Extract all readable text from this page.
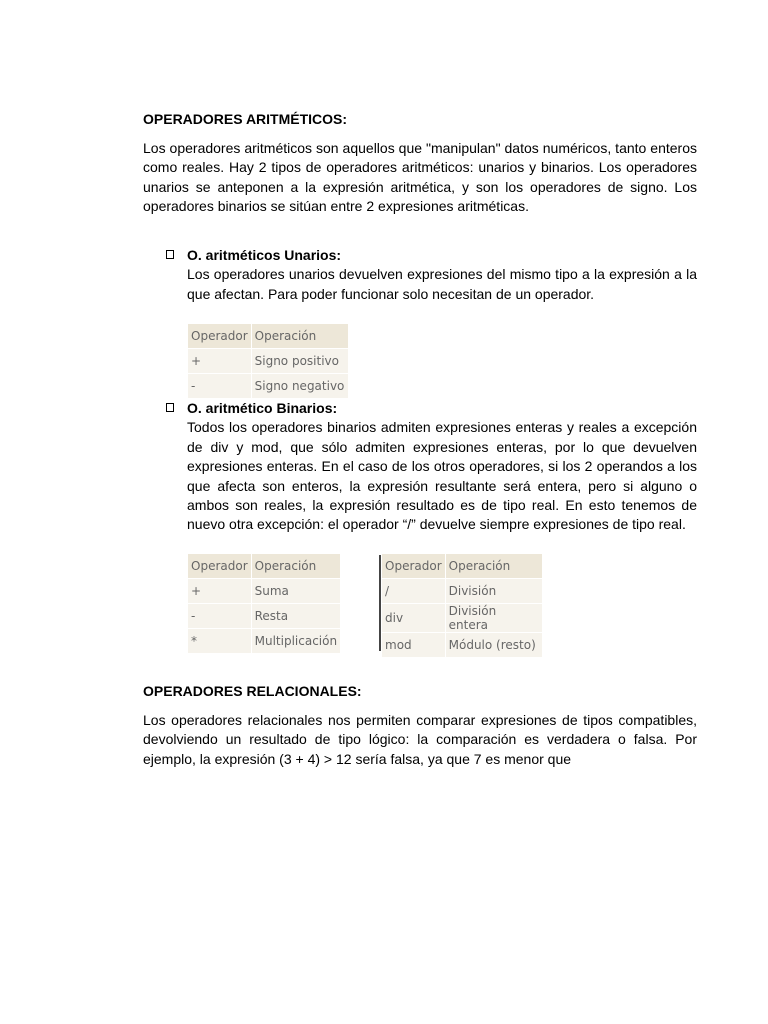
OPERADORES ARITMÉTICOS:

Los operadores aritméticos son aquellos que "manipulan" datos numéricos, tanto enteros como reales. Hay 2 tipos de operadores aritméticos: unarios y binarios. Los operadores unarios se anteponen a la expresión aritmética, y son los operadores de signo. Los operadores binarios se sitúan entre 2 expresiones aritméticas.

O. aritméticos Unarios:

Los operadores unarios devuelven expresiones del mismo tipo a la expresión a la que afectan. Para poder funcionar solo necesitan de un operador.

Operador	Operación
+	Signo positivo
-	Signo negativo

O. aritmético Binarios:

Todos los operadores binarios admiten expresiones enteras y reales a excepción de div y mod, que sólo admiten expresiones enteras, por lo que devuelven expresiones enteras. En el caso de los otros operadores, si los 2 operandos a los que afecta son enteros, la expresión resultante será entera, pero si alguno o ambos son reales, la expresión resultado es de tipo real. En esto tenemos de nuevo otra excepción: el operador “/” devuelve siempre expresiones de tipo real.

Operador	Operación
+	Suma
-	Resta
*	Multiplicación
Operador	Operación
/	División
div	División entera
mod	Módulo (resto)
OPERADORES RELACIONALES:

Los operadores relacionales nos permiten comparar expresiones de tipos compatibles, devolviendo un resultado de tipo lógico: la comparación es verdadera o falsa. Por ejemplo, la expresión (3 + 4) > 12 sería falsa, ya que 7 es menor que
